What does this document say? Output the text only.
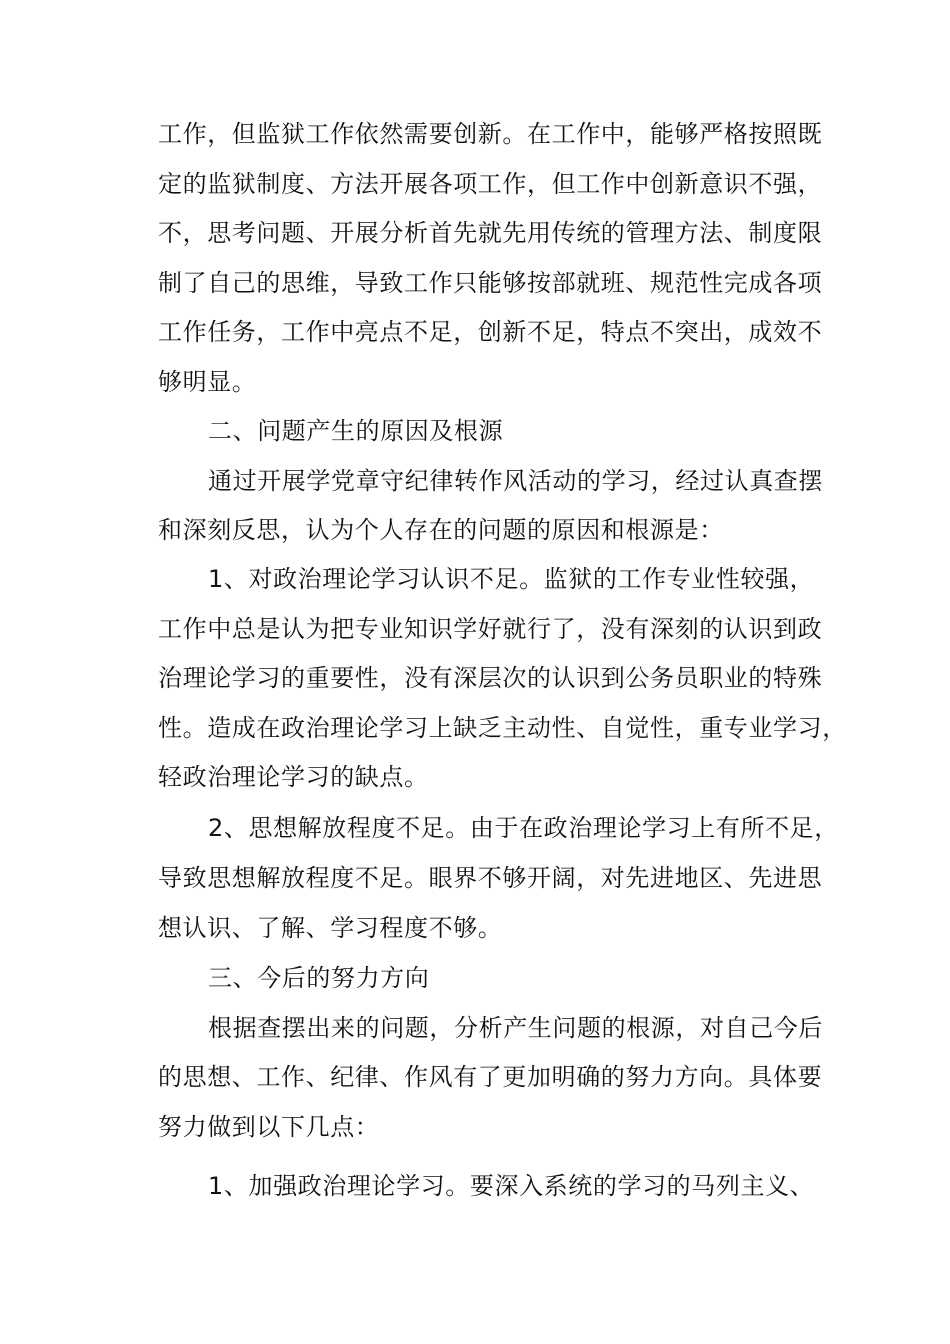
工作，但监狱工作依然需要创新。在工作中，能够严格按照既
定的监狱制度、方法开展各项工作，但工作中创新意识不强，
不，思考问题、开展分析首先就先用传统的管理方法、制度限
制了自己的思维，导致工作只能够按部就班、规范性完成各项
工作任务，工作中亮点不足，创新不足，特点不突出，成效不
够明显。
二、问题产生的原因及根源
通过开展学党章守纪律转作风活动的学习，经过认真查摆
和深刻反思，认为个人存在的问题的原因和根源是：
1、对政治理论学习认识不足。监狱的工作专业性较强，
工作中总是认为把专业知识学好就行了，没有深刻的认识到政
治理论学习的重要性，没有深层次的认识到公务员职业的特殊
性。造成在政治理论学习上缺乏主动性、自觉性，重专业学习，
轻政治理论学习的缺点。
2、思想解放程度不足。由于在政治理论学习上有所不足，
导致思想解放程度不足。眼界不够开阔，对先进地区、先进思
想认识、了解、学习程度不够。
三、今后的努力方向
根据查摆出来的问题，分析产生问题的根源，对自己今后
的思想、工作、纪律、作风有了更加明确的努力方向。具体要
努力做到以下几点：
1、加强政治理论学习。要深入系统的学习的马列主义、
